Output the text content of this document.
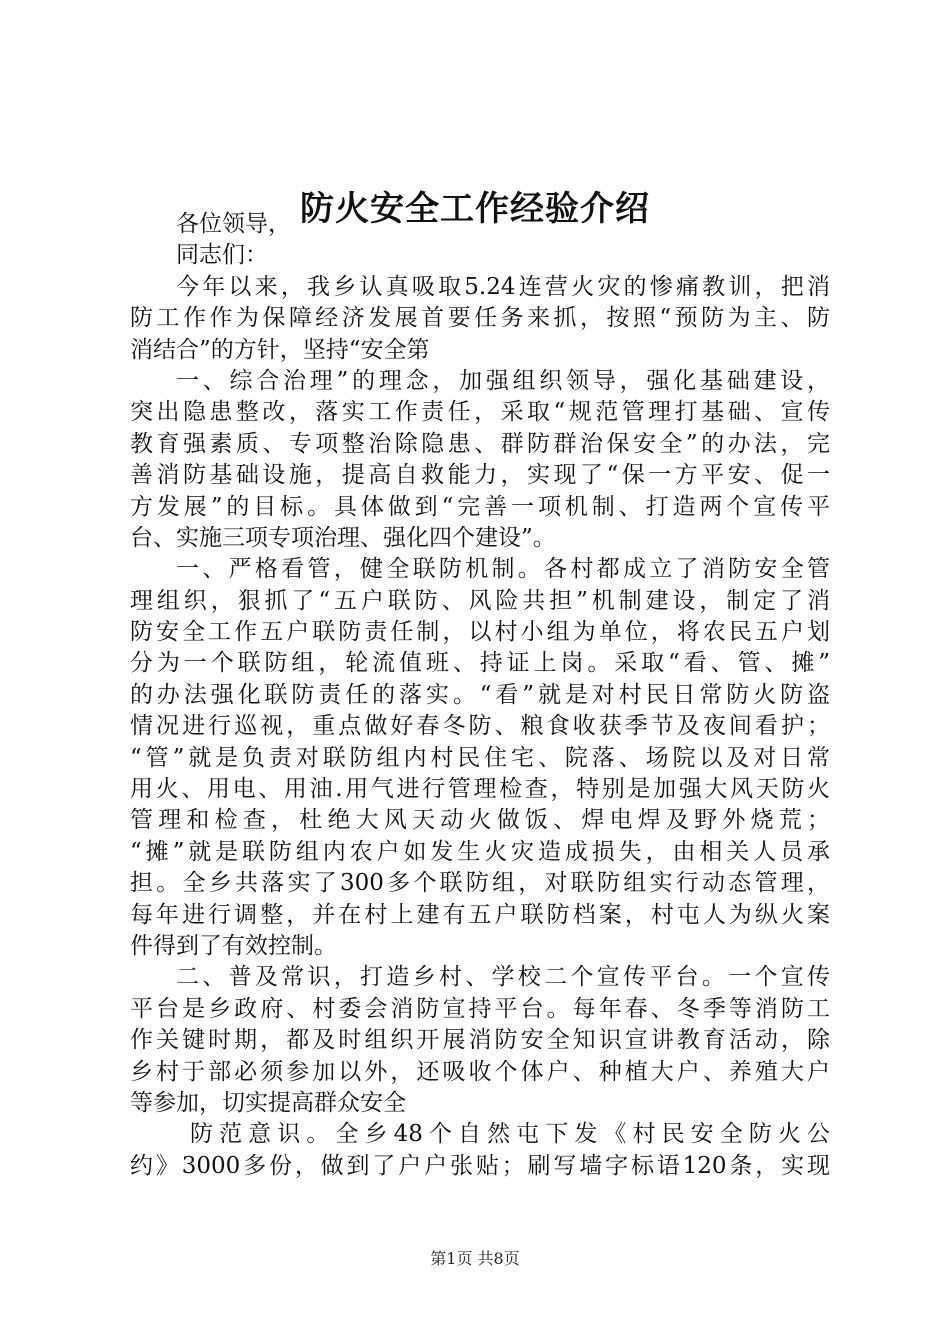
防火安全工作经验介绍
各位领导，
同志们：
今年以来，我乡认真吸取5.24连营火灾的惨痛教训，把消
防工作作为保障经济发展首要任务来抓，按照“预防为主、防
消结合”的方针，坚持“安全第
一、综合治理”的理念，加强组织领导，强化基础建设，
突出隐患整改，落实工作责任，采取“规范管理打基础、宣传
教育强素质、专项整治除隐患、群防群治保安全”的办法，完
善消防基础设施，提高自救能力，实现了“保一方平安、促一
方发展”的目标。具体做到“完善一项机制、打造两个宣传平
台、实施三项专项治理、强化四个建设”。
一、严格看管，健全联防机制。各村都成立了消防安全管
理组织，狠抓了“五户联防、风险共担”机制建设，制定了消
防安全工作五户联防责任制，以村小组为单位，将农民五户划
分为一个联防组，轮流值班、持证上岗。采取“看、管、摊”
的办法强化联防责任的落实。“看”就是对村民日常防火防盗
情况进行巡视，重点做好春冬防、粮食收获季节及夜间看护；
“管”就是负责对联防组内村民住宅、院落、场院以及对日常
用火、用电、用油.用气进行管理检查，特别是加强大风天防火
管理和检查，杜绝大风天动火做饭、焊电焊及野外烧荒；
“摊”就是联防组内农户如发生火灾造成损失，由相关人员承
担。全乡共落实了300多个联防组，对联防组实行动态管理，
每年进行调整，并在村上建有五户联防档案，村屯人为纵火案
件得到了有效控制。
二、普及常识，打造乡村、学校二个宣传平台。一个宣传
平台是乡政府、村委会消防宣持平台。每年春、冬季等消防工
作关键时期，都及时组织开展消防安全知识宣讲教育活动，除
乡村于部必须参加以外，还吸收个体户、种植大户、养殖大户
等参加，切实提高群众安全
防范意识。全乡48个自然屯下发《村民安全防火公
约》3000多份，做到了户户张贴；刷写墙字标语120条，实现
第1页 共8页
